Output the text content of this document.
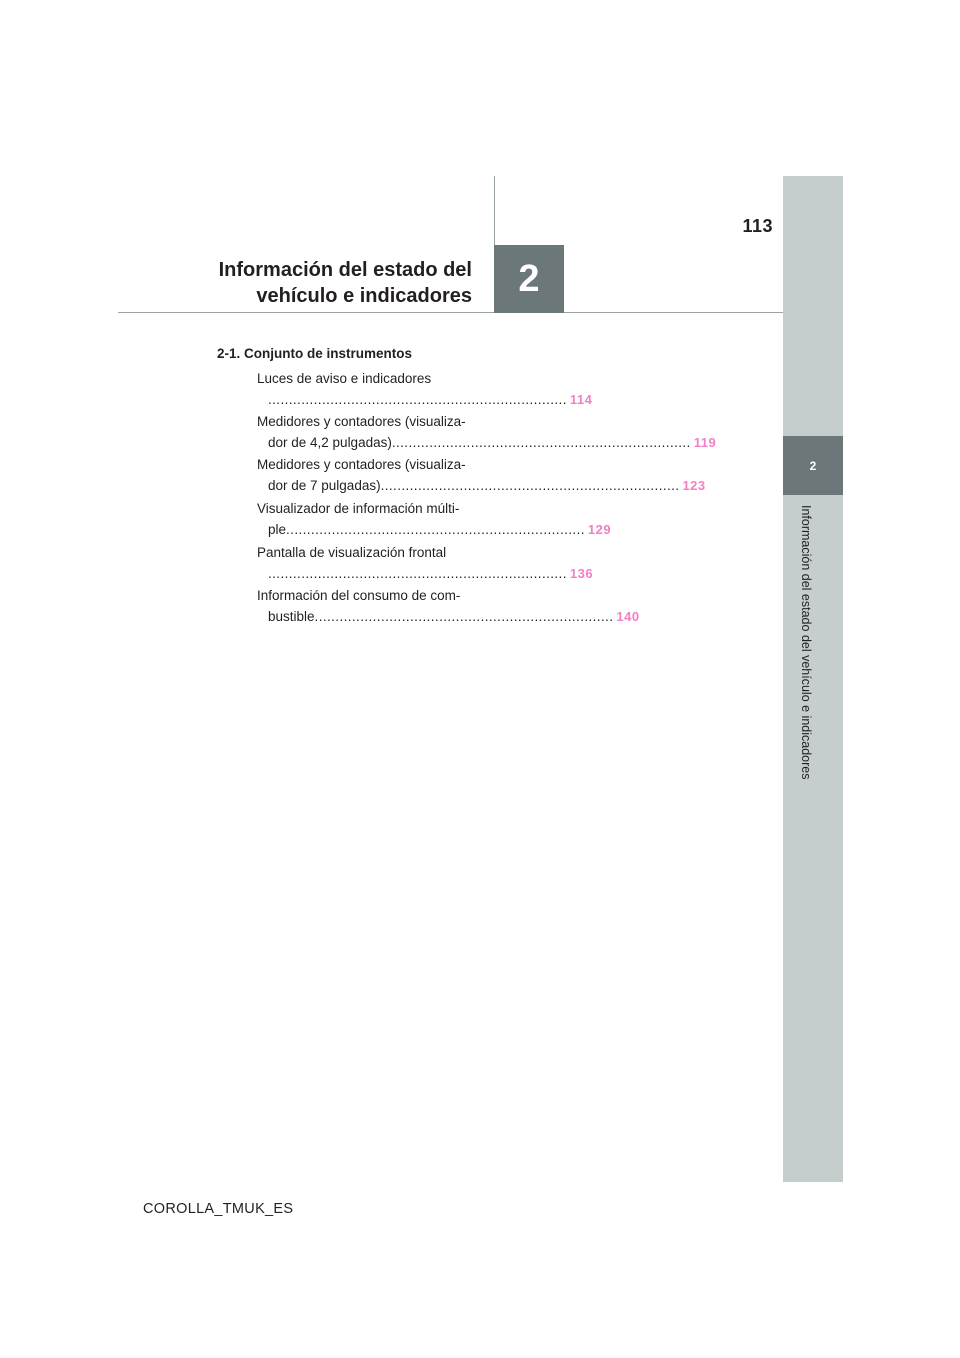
2
Información del estado del vehículo e indicadores
2
113
Información del estado del
vehículo e indicadores
2-1. Conjunto de instrumentos
Luces de aviso e indicadores
........................................................................ 114
Medidores y contadores (visualiza-
dor de 4,2 pulgadas) ........................................................................ 119
Medidores y contadores (visualiza-
dor de 7 pulgadas) ........................................................................ 123
Visualizador de información múlti-
ple ........................................................................ 129
Pantalla de visualización frontal
........................................................................ 136
Información del consumo de com-
bustible ........................................................................ 140
COROLLA_TMUK_ES
